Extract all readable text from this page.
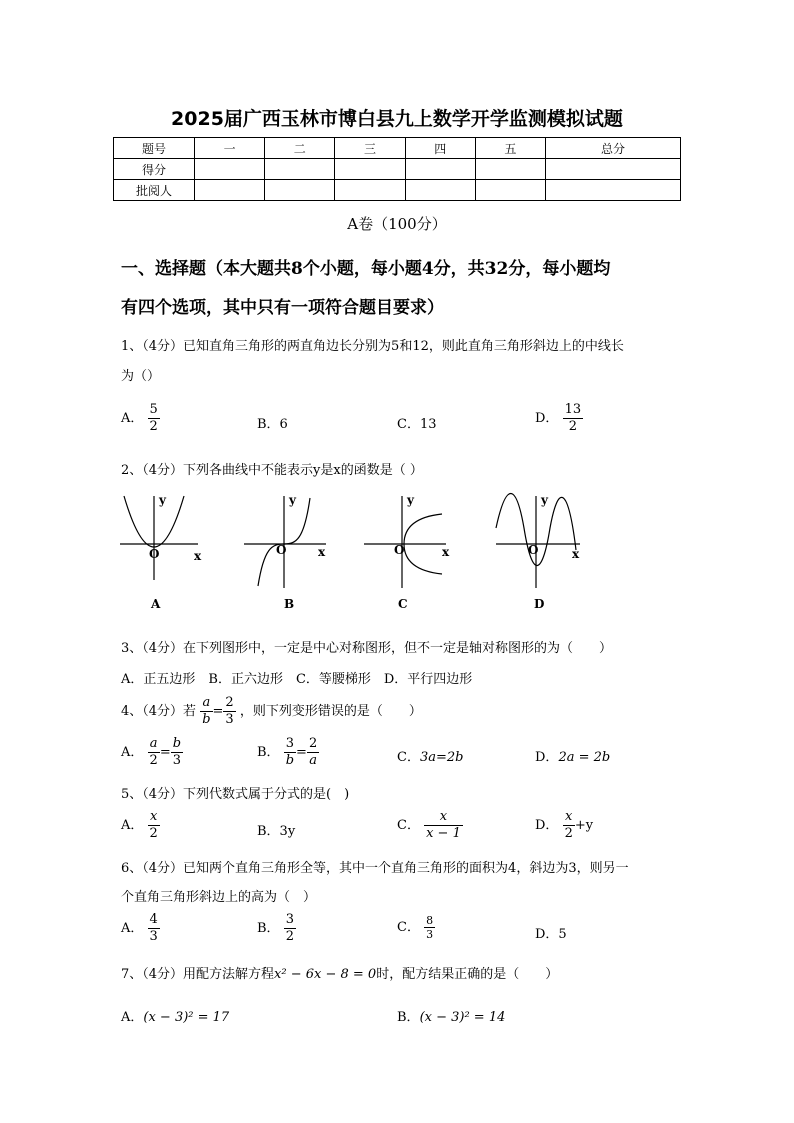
2025届广西玉林市博白县九上数学开学监测模拟试题
题号	一	二	三	四	五	总分
得分						
批阅人						
A卷（100分）
一、选择题（本大题共8个小题，每小题4分，共32分，每小题均
有四个选项，其中只有一项符合题目要求）
1、（4分）已知直角三角形的两直角边长分别为5和12，则此直角三角形斜边上的中线长
为（）
A． $\frac{5}{2}$	B．6	C．13	D． $\frac{13}{2}$
2、（4分）下列各曲线中不能表示y是x的函数是（ ）
O	x
y
O	x
y
O	x
y
O	x
y
A	B	C	D
3、（4分）在下列图形中，一定是中心对称图形，但不一定是轴对称图形的为（　　）
A．正五边形　B．正六边形　C．等腰梯形　D．平行四边形
4、（4分）若 $\frac{a}{b} = \frac{2}{3}$ ，则下列变形错误的是（　　）
A． $\frac{a}{2} = \frac{b}{3}$	B． $\frac{3}{b} = \frac{2}{a}$	C．3a=2b	D．2a = 2b
5、（4分）下列代数式属于分式的是(　)
A． $\frac{x}{2}$	B．3y	C． $\frac{x}{x - 1}$	D． $\frac{x}{2} +y$
6、（4分）已知两个直角三角形全等，其中一个直角三角形的面积为4，斜边为3，则另一
个直角三角形斜边上的高为（　）
A． $\frac{4}{3}$	B． $\frac{3}{2}$	C． $\frac{8}{3}$	D．5
7、（4分）用配方法解方程x² − 6x − 8 = 0时，配方结果正确的是（　　）
A．(x − 3)² = 17	B．(x − 3)² = 14
